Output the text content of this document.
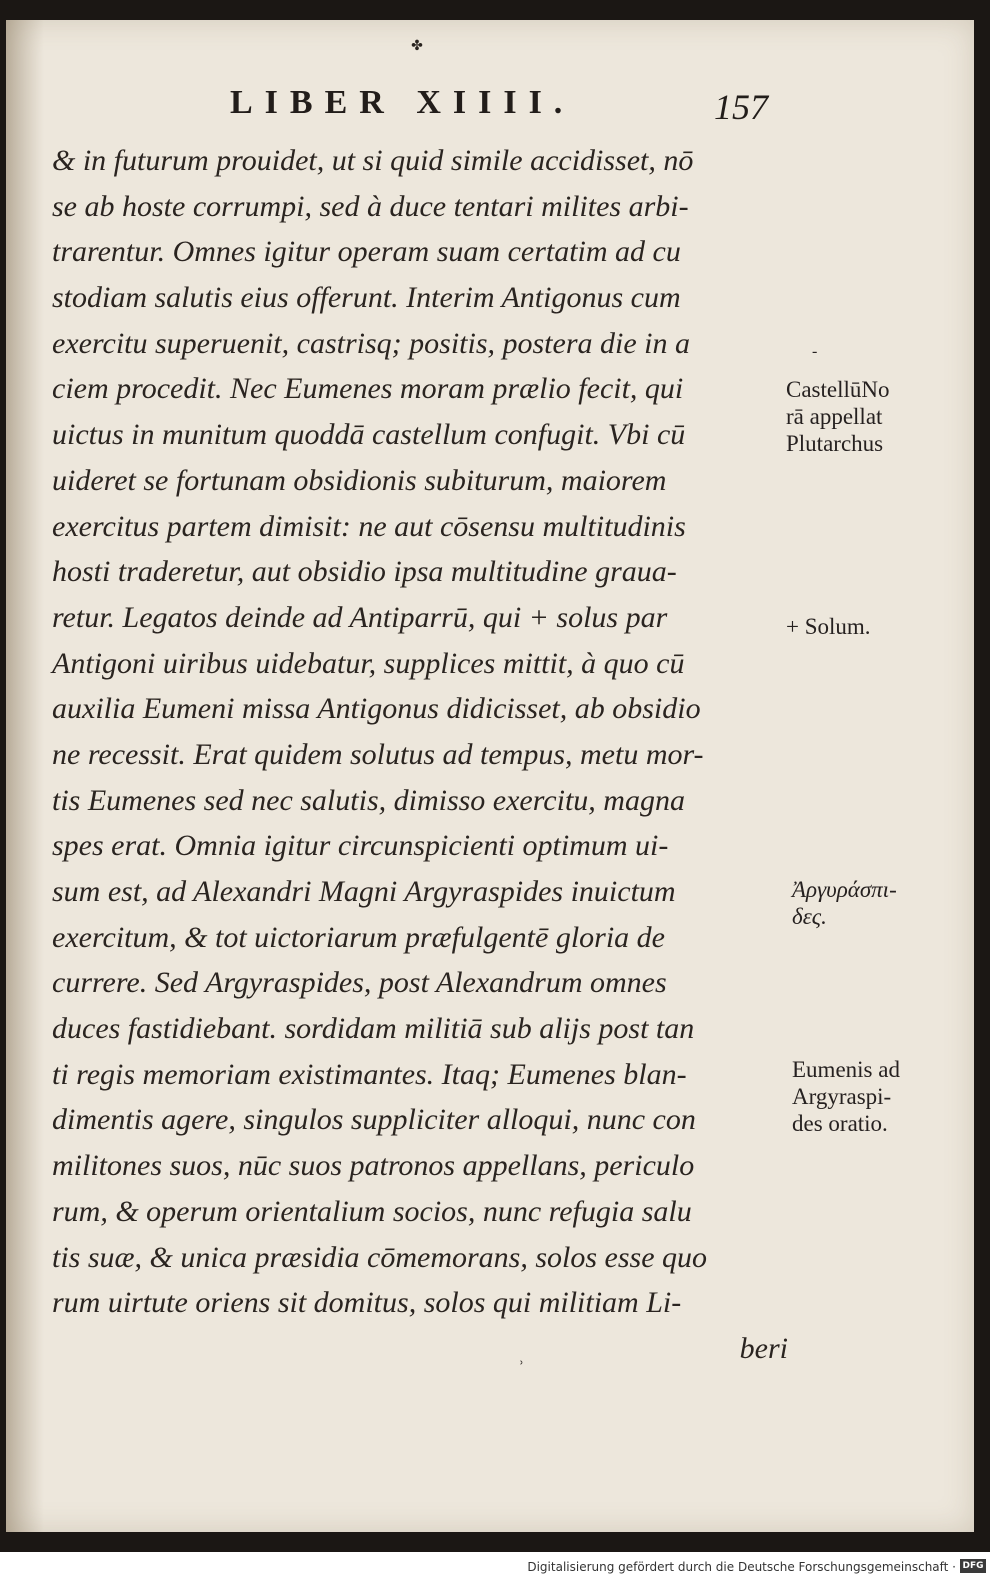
✤
LIBER XIIII.	157
& in futurum prouidet, ut si quid simile accidisset, nō
se ab hoste corrumpi, sed à duce tentari milites arbi-
trarentur. Omnes igitur operam suam certatim ad cu
stodiam salutis eius offerunt. Interim Antigonus cum
exercitu superuenit, castrisq; positis, postera die in a
ciem procedit. Nec Eumenes moram prælio fecit, qui
uictus in munitum quoddā castellum confugit. Vbi cū
uideret se fortunam obsidionis subiturum, maiorem
exercitus partem dimisit: ne aut cōsensu multitudinis
hosti traderetur, aut obsidio ipsa multitudine graua-
retur. Legatos deinde ad Antiparrū, qui + solus par
Antigoni uiribus uidebatur, supplices mittit, à quo cū
auxilia Eumeni missa Antigonus didicisset, ab obsidio
ne recessit. Erat quidem solutus ad tempus, metu mor-
tis Eumenes sed nec salutis, dimisso exercitu, magna
spes erat. Omnia igitur circunspicienti optimum ui-
sum est, ad Alexandri Magni Argyraspides inuictum
exercitum, & tot uictoriarum præfulgentē gloria de
currere. Sed Argyraspides, post Alexandrum omnes
duces fastidiebant. sordidam militiā sub alijs post tan
ti regis memoriam existimantes. Itaq; Eumenes blan-
dimentis agere, singulos suppliciter alloqui, nunc con
militones suos, nūc suos patronos appellans, periculo
rum, & operum orientalium socios, nunc refugia salu
tis suæ, & unica præsidia cōmemorans, solos esse quo
rum uirtute oriens sit domitus, solos qui militiam Li-
beri
-
CastellūNo
rā appellat
Plutarchus
+ Solum.
Ἀργυράσπι-
δες.
Eumenis ad
Argyraspi-
des oratio.
ʾ
Digitalisierung gefördert durch die Deutsche Forschungsgemeinschaft · DFG
